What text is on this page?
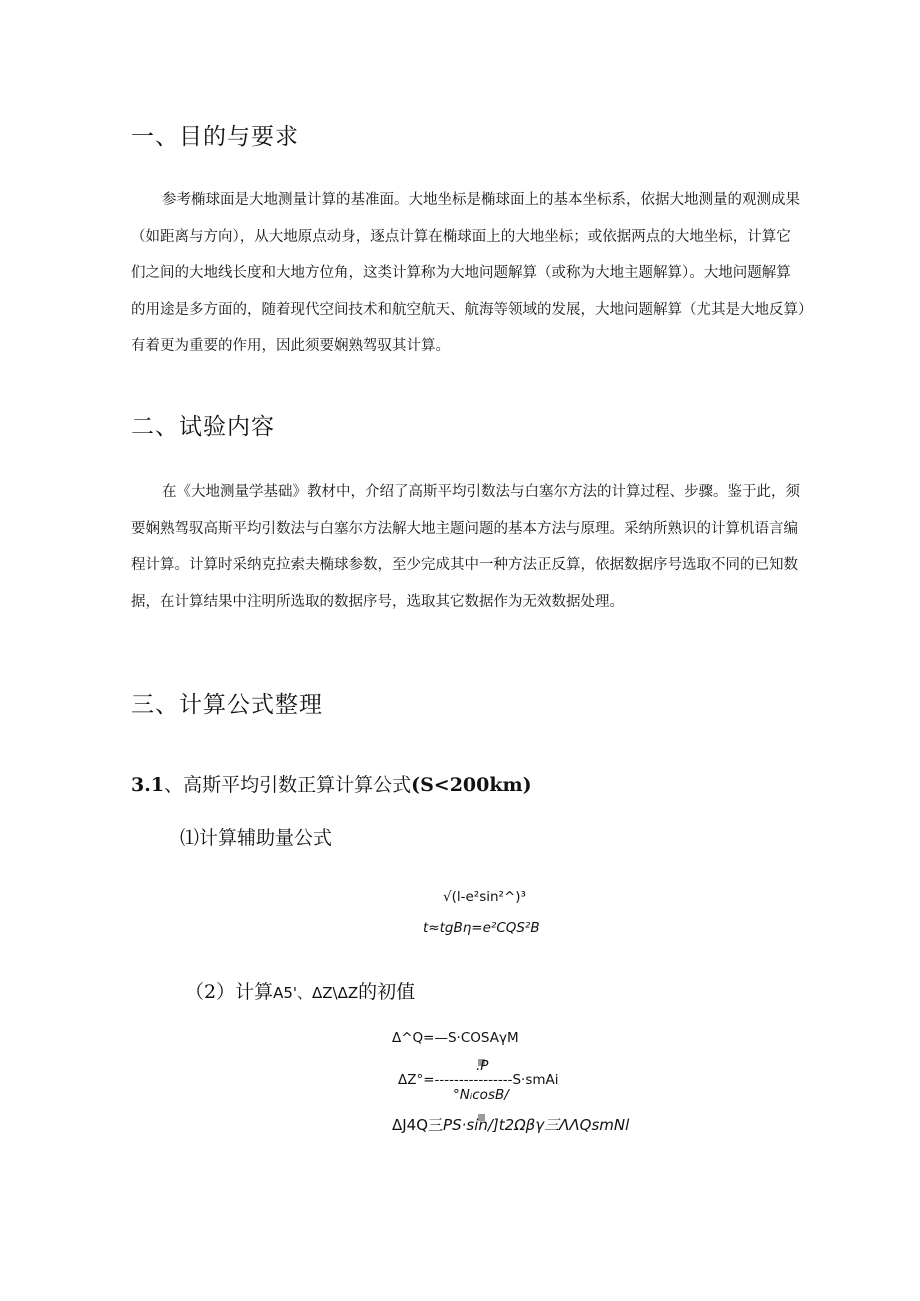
一、目的与要求
参考椭球面是大地测量计算的基准面。大地坐标是椭球面上的基本坐标系，依据大地测量的观测成果
（如距离与方向），从大地原点动身，逐点计算在椭球面上的大地坐标；或依据两点的大地坐标，计算它
们之间的大地线长度和大地方位角，这类计算称为大地问题解算（或称为大地主题解算）。大地问题解算
的用途是多方面的，随着现代空间技术和航空航天、航海等领域的发展，大地问题解算（尤其是大地反算）
有着更为重要的作用，因此须要娴熟驾驭其计算。
二、试验内容
在《大地测量学基础》教材中，介绍了高斯平均引数法与白塞尔方法的计算过程、步骤。鉴于此，须
要娴熟驾驭高斯平均引数法与白塞尔方法解大地主题问题的基本方法与原理。采纳所熟识的计算机语言编
程计算。计算时采纳克拉索夫椭球参数，至少完成其中一种方法正反算，依据数据序号选取不同的已知数
据，在计算结果中注明所选取的数据序号，选取其它数据作为无效数据处理。
三、计算公式整理
3.1、高斯平均引数正算计算公式(S<200km)
⑴计算辅助量公式
√(l-e²sin²^)³
t≈tgBη=e²CQS²B
（2）计算A5'、ΔZ\ΔZ的初值
Δ^Q=—S·COSAγM
.P
ΔZ°=----------------S·smAi
°NᵢcosB/
ΔJ4Q三PS·sin/]t2Ωβγ三ΛΛQsmNl
